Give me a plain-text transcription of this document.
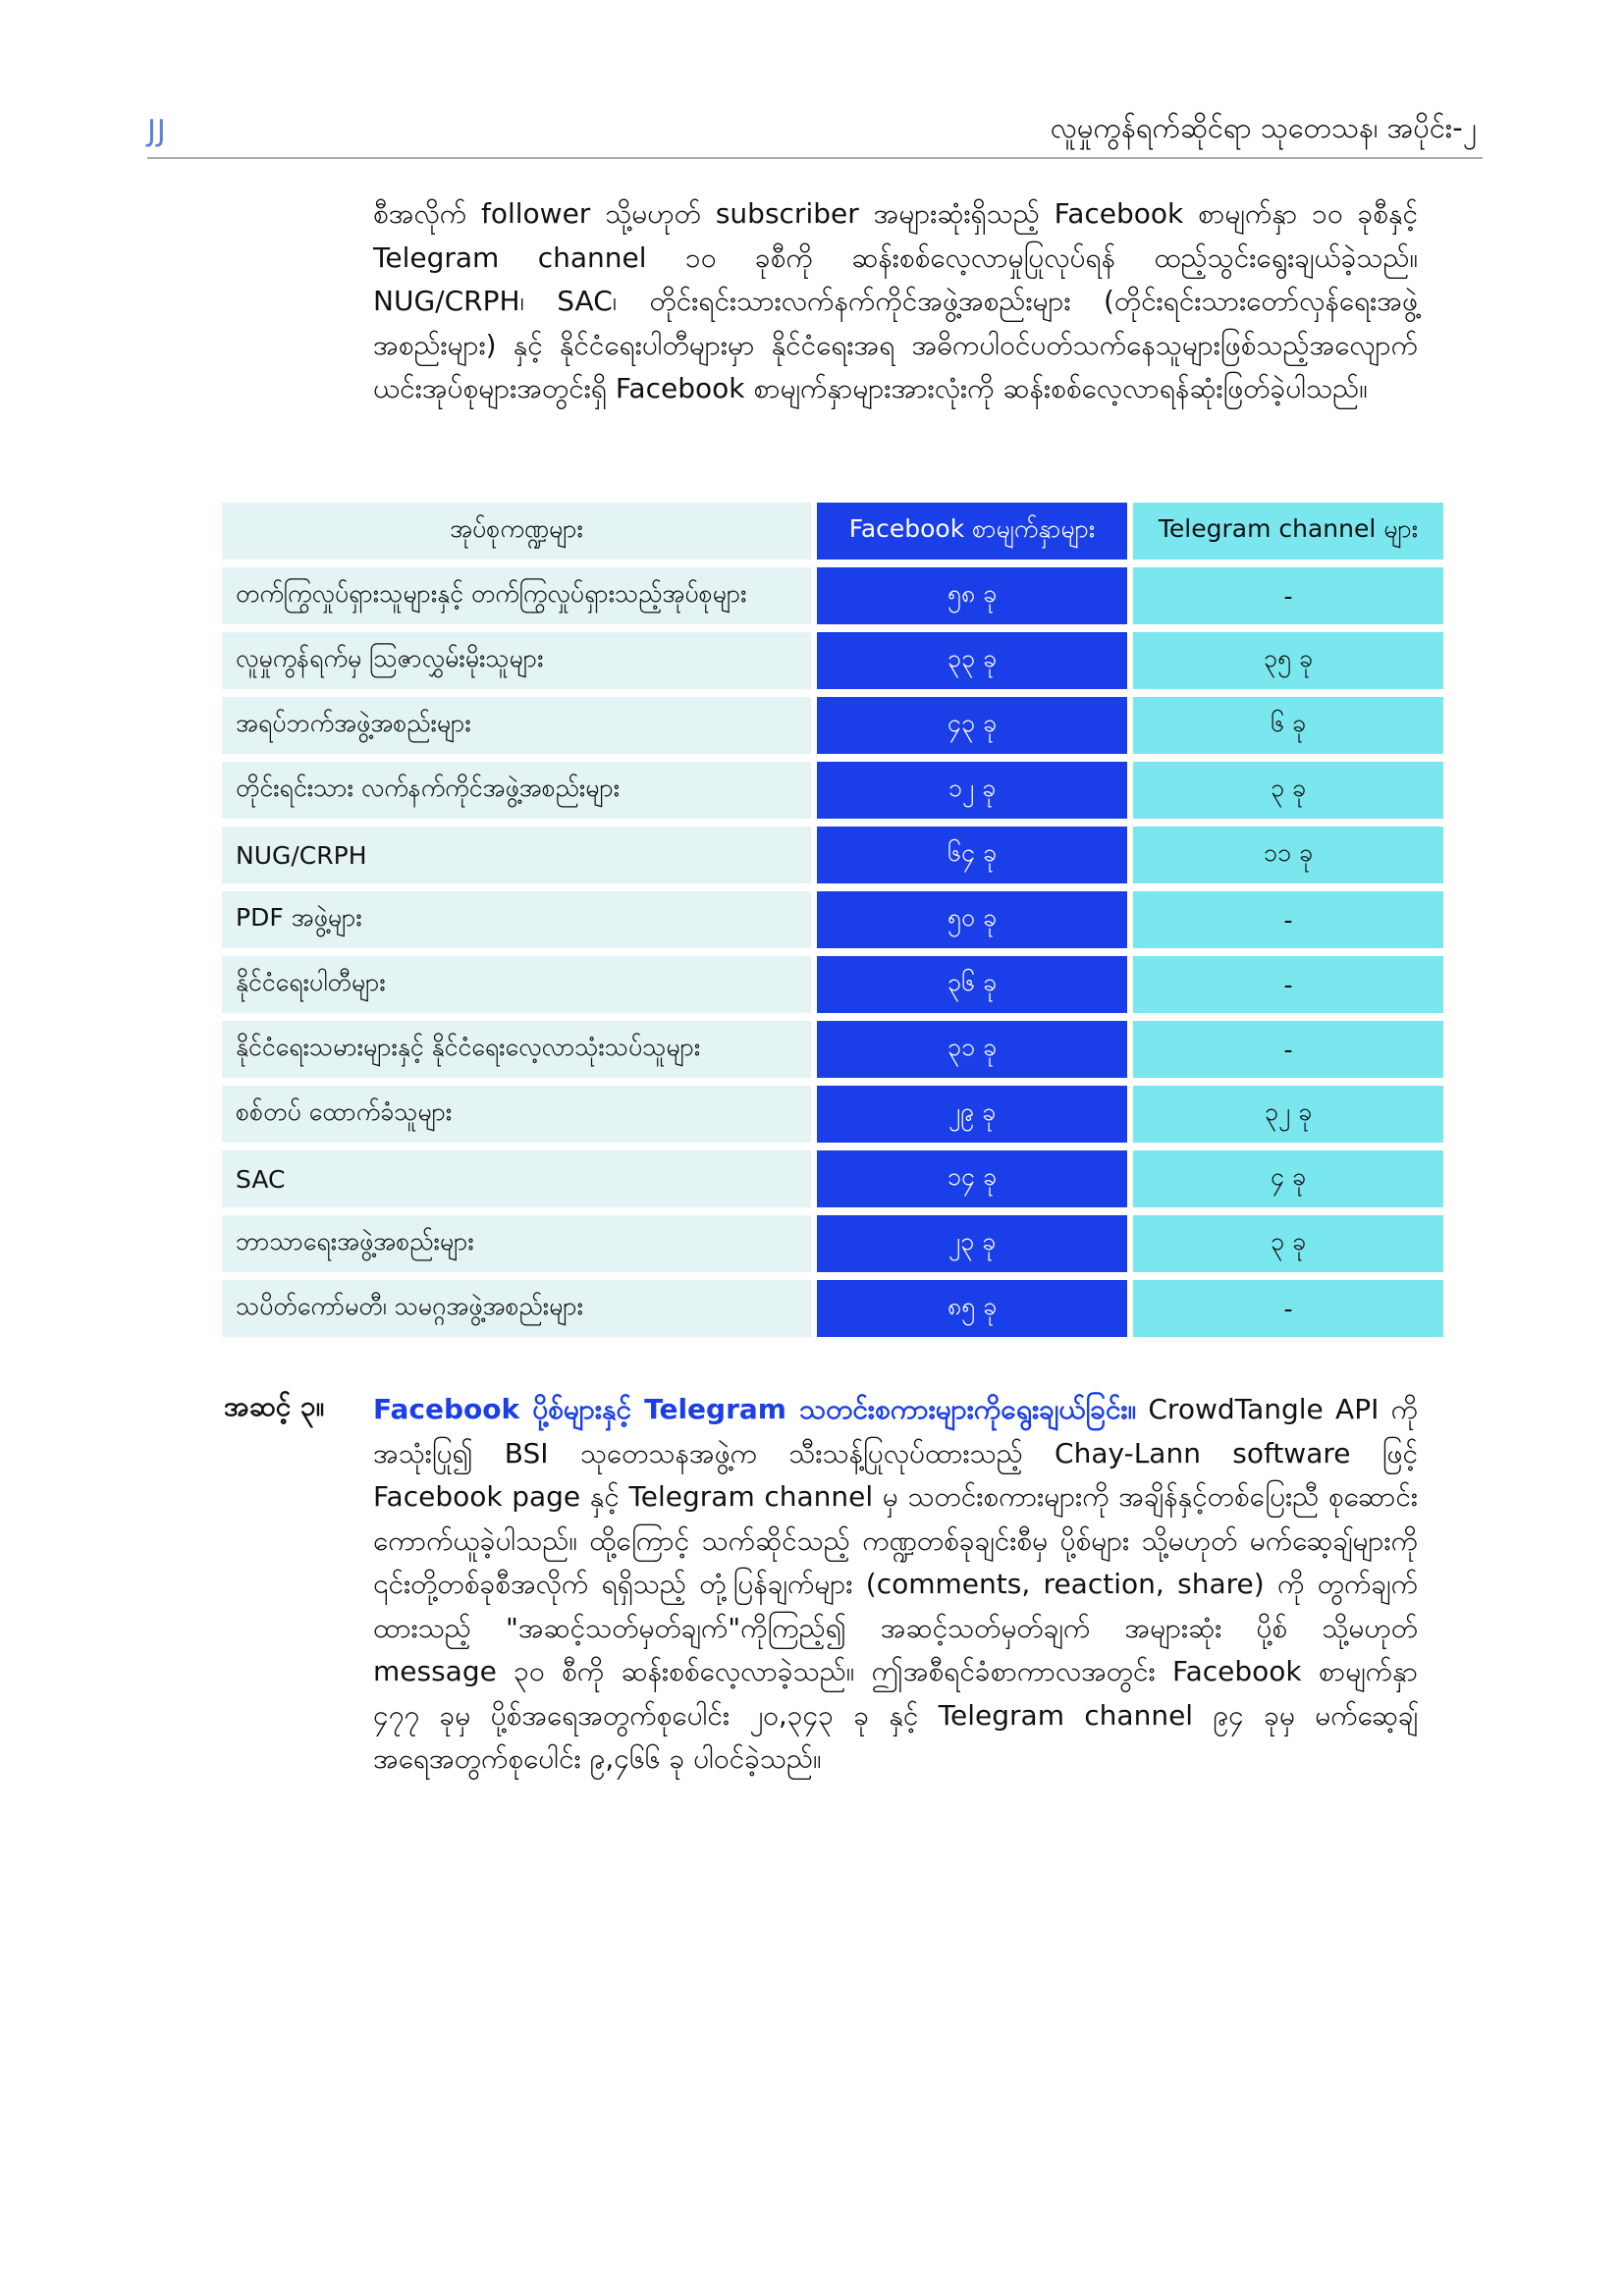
JJ	လူမှုကွန်ရက်ဆိုင်ရာ သုတေသန၊ အပိုင်း-၂

စီအလိုက် follower သို့မဟုတ် subscriber အများဆုံးရှိသည့် Facebook စာမျက်နှာ ၁၀ ခုစီနှင့် Telegram channel ၁၀ ခုစီကို ဆန်းစစ်လေ့လာမှုပြုလုပ်ရန် ထည့်သွင်းရွေးချယ်ခဲ့သည်။ NUG/CRPH၊ SAC၊ တိုင်းရင်းသားလက်နက်ကိုင်အဖွဲ့အစည်းများ (တိုင်းရင်းသားတော်လှန်ရေးအဖွဲ့အစည်းများ) နှင့် နိုင်ငံရေးပါတီများမှာ နိုင်ငံရေးအရ အဓိကပါဝင်ပတ်သက်နေသူများဖြစ်သည့်အလျောက် ယင်းအုပ်စုများအတွင်းရှိ Facebook စာမျက်နှာများအားလုံးကို ဆန်းစစ်လေ့လာရန်ဆုံးဖြတ်ခဲ့ပါသည်။

အုပ်စုကဏ္ဍများ	Facebook စာမျက်နှာများ	Telegram channel များ
တက်ကြွလှုပ်ရှားသူများနှင့် တက်ကြွလှုပ်ရှားသည့်အုပ်စုများ	၅၈ ခု	-
လူမှုကွန်ရက်မှ ဩဇာလွှမ်းမိုးသူများ	၃၃ ခု	၃၅ ခု
အရပ်ဘက်အဖွဲ့အစည်းများ	၄၃ ခု	၆ ခု
တိုင်းရင်းသား လက်နက်ကိုင်အဖွဲ့အစည်းများ	၁၂ ခု	၃ ခု
NUG/CRPH	၆၄ ခု	၁၁ ခု
PDF အဖွဲ့များ	၅၀ ခု	-
နိုင်ငံရေးပါတီများ	၃၆ ခု	-
နိုင်ငံရေးသမားများနှင့် နိုင်ငံရေးလေ့လာသုံးသပ်သူများ	၃၁ ခု	-
စစ်တပ် ထောက်ခံသူများ	၂၉ ခု	၃၂ ခု
SAC	၁၄ ခု	၄ ခု
ဘာသာရေးအဖွဲ့အစည်းများ	၂၃ ခု	၃ ခု
သပိတ်ကော်မတီ၊ သမဂ္ဂအဖွဲ့အစည်းများ	၈၅ ခု	-
အဆင့် ၃။ Facebook ပို့စ်များနှင့် Telegram သတင်းစကားများကိုရွေးချယ်ခြင်း။ CrowdTangle API ကို အသုံးပြု၍ BSI သုတေသနအဖွဲ့က သီးသန့်ပြုလုပ်ထားသည့် Chay-Lann software ဖြင့် Facebook page နှင့် Telegram channel မှ သတင်းစကားများကို အချိန်နှင့်တစ်ပြေးညီ စုဆောင်းကောက်ယူခဲ့ပါသည်။ ထို့ကြောင့် သက်ဆိုင်သည့် ကဏ္ဍတစ်ခုချင်းစီမှ ပို့စ်များ သို့မဟုတ် မက်ဆေ့ချ်များကို ၎င်းတို့တစ်ခုစီအလိုက် ရရှိသည့် တုံ့ပြန်ချက်များ (comments, reaction, share) ကို တွက်ချက်ထားသည့် "အဆင့်သတ်မှတ်ချက်"ကိုကြည့်၍ အဆင့်သတ်မှတ်ချက် အများဆုံး ပို့စ် သို့မဟုတ် message ၃၀ စီကို ဆန်းစစ်လေ့လာခဲ့သည်။ ဤအစီရင်ခံစာကာလအတွင်း Facebook စာမျက်နှာ ၄၇၇ ခုမှ ပို့စ်အရေအတွက်စုပေါင်း ၂၀,၃၄၃ ခု နှင့် Telegram channel ၉၄ ခုမှ မက်ဆေ့ချ် အရေအတွက်စုပေါင်း ၉,၄၆၆ ခု ပါဝင်ခဲ့သည်။
